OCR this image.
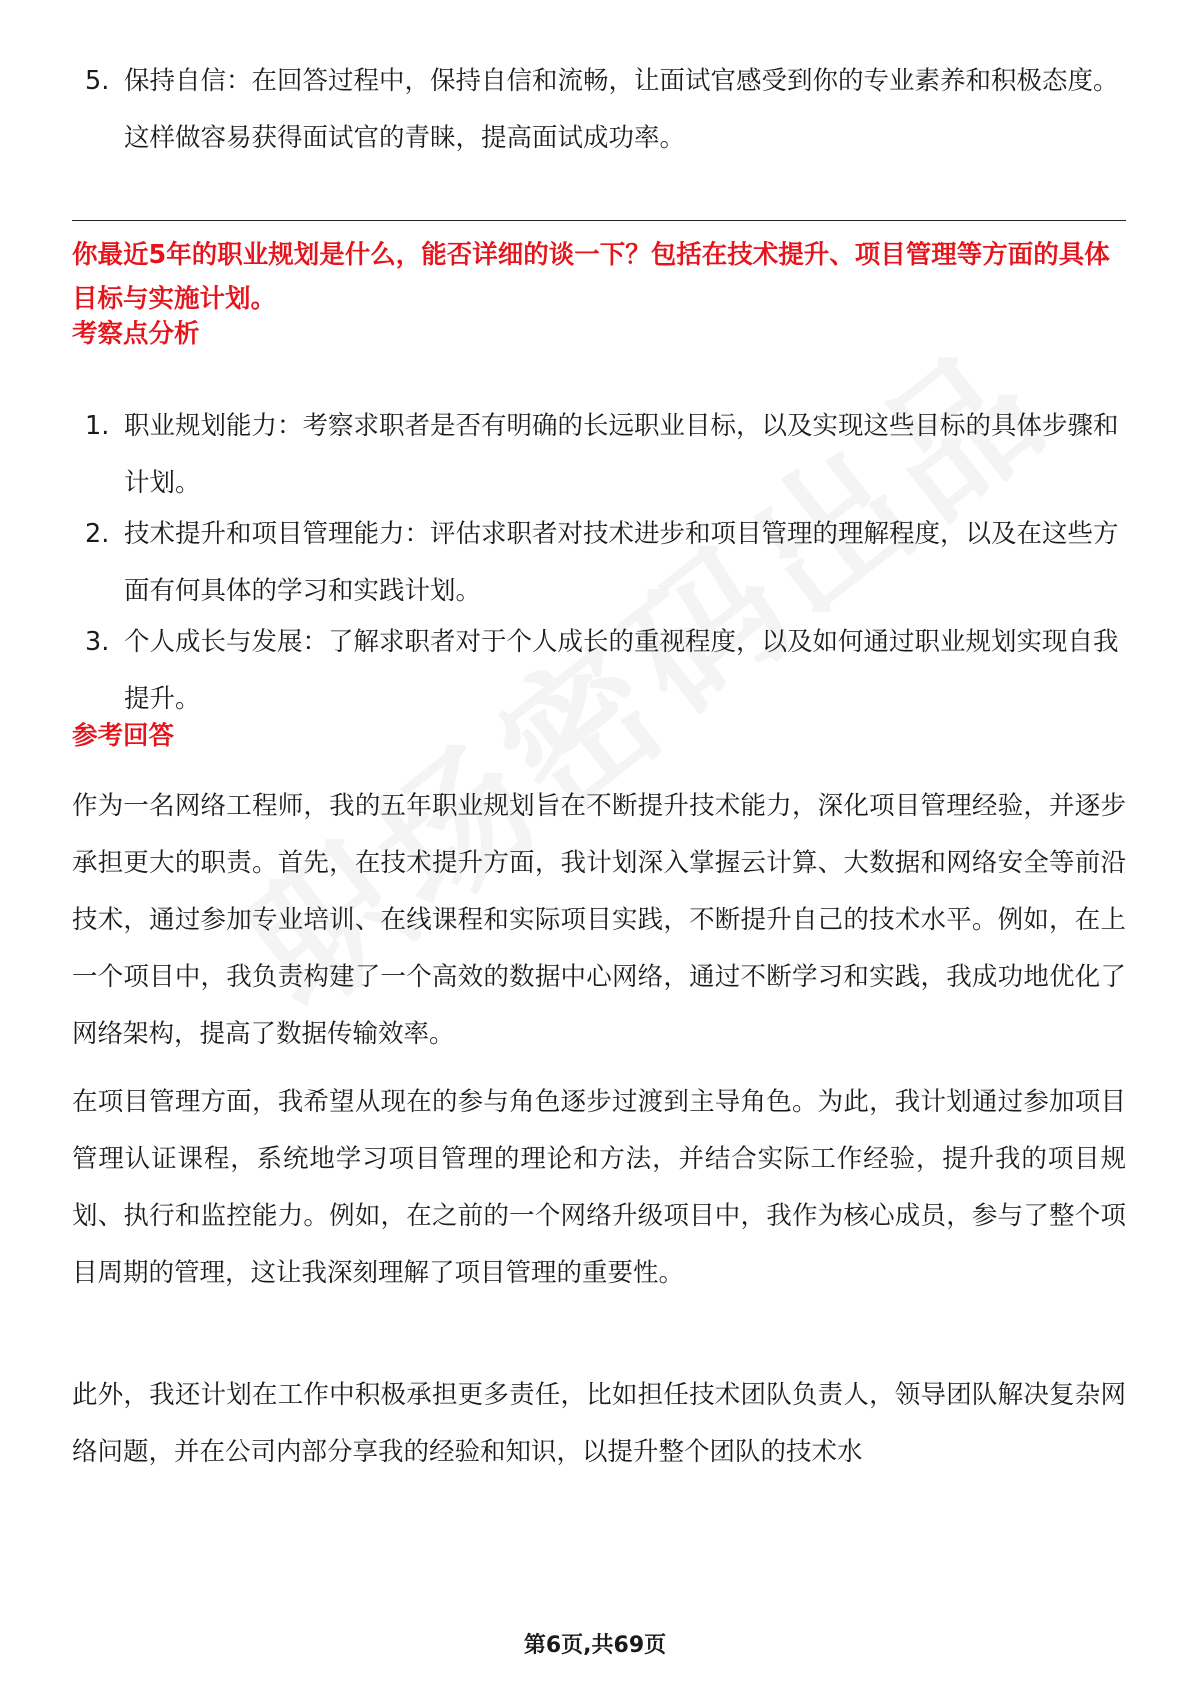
5. 保持自信：在回答过程中，保持自信和流畅，让面试官感受到你的专业素养和积极态度。这样做容易获得面试官的青睐，提高面试成功率。
你最近5年的职业规划是什么，能否详细的谈一下？包括在技术提升、项目管理等方面的具体目标与实施计划。
考察点分析
1. 职业规划能力：考察求职者是否有明确的长远职业目标，以及实现这些目标的具体步骤和计划。
2. 技术提升和项目管理能力：评估求职者对技术进步和项目管理的理解程度，以及在这些方面有何具体的学习和实践计划。
3. 个人成长与发展：了解求职者对于个人成长的重视程度，以及如何通过职业规划实现自我提升。
参考回答
作为一名网络工程师，我的五年职业规划旨在不断提升技术能力，深化项目管理经验，并逐步承担更大的职责。首先，在技术提升方面，我计划深入掌握云计算、大数据和网络安全等前沿技术，通过参加专业培训、在线课程和实际项目实践，不断提升自己的技术水平。例如，在上一个项目中，我负责构建了一个高效的数据中心网络，通过不断学习和实践，我成功地优化了网络架构，提高了数据传输效率。
在项目管理方面，我希望从现在的参与角色逐步过渡到主导角色。为此，我计划通过参加项目管理认证课程，系统地学习项目管理的理论和方法，并结合实际工作经验，提升我的项目规划、执行和监控能力。例如，在之前的一个网络升级项目中，我作为核心成员，参与了整个项目周期的管理，这让我深刻理解了项目管理的重要性。
此外，我还计划在工作中积极承担更多责任，比如担任技术团队负责人，领导团队解决复杂网络问题，并在公司内部分享我的经验和知识，以提升整个团队的技术水
第6页,共69页
